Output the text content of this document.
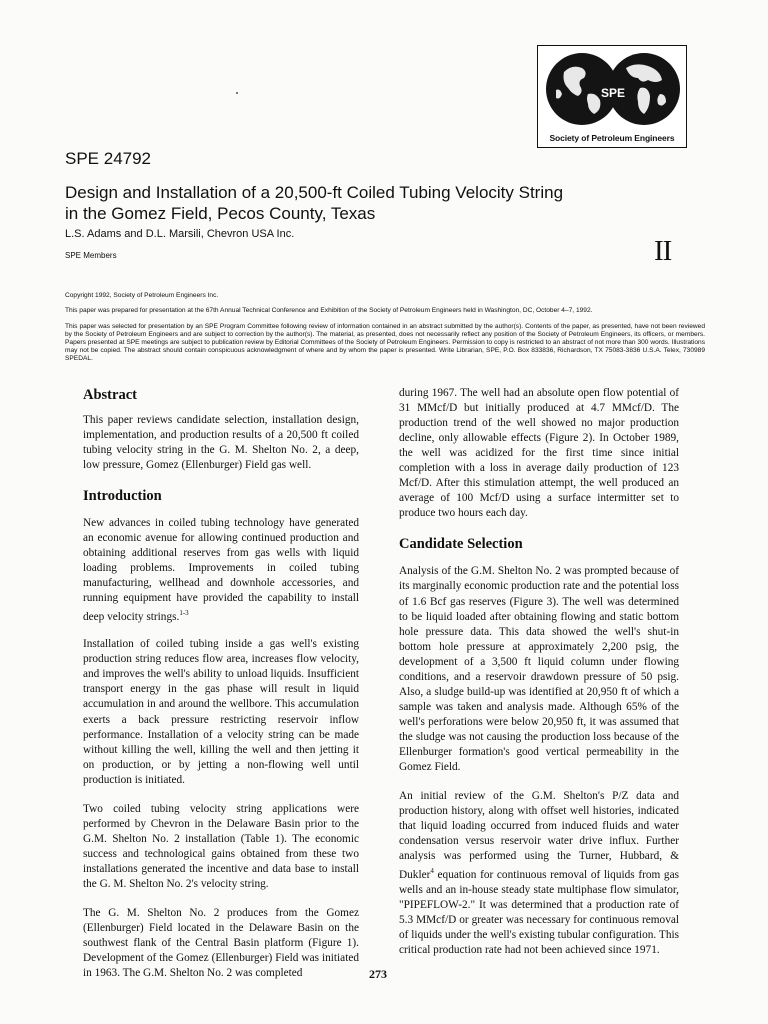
SPE
Society of Petroleum Engineers
SPE 24792
Design and Installation of a 20,500-ft Coiled Tubing Velocity String
in the Gomez Field, Pecos County, Texas
L.S. Adams and D.L. Marsili, Chevron USA Inc.
SPE Members	II
Copyright 1992, Society of Petroleum Engineers Inc.
This paper was prepared for presentation at the 67th Annual Technical Conference and Exhibition of the Society of Petroleum Engineers held in Washington, DC, October 4–7, 1992.
This paper was selected for presentation by an SPE Program Committee following review of information contained in an abstract submitted by the author(s). Contents of the paper, as presented, have not been reviewed by the Society of Petroleum Engineers and are subject to correction by the author(s). The material, as presented, does not necessarily reflect any position of the Society of Petroleum Engineers, its officers, or members. Papers presented at SPE meetings are subject to publication review by Editorial Committees of the Society of Petroleum Engineers. Permission to copy is restricted to an abstract of not more than 300 words. Illustrations may not be copied. The abstract should contain conspicuous acknowledgment of where and by whom the paper is presented. Write Librarian, SPE, P.O. Box 833836, Richardson, TX 75083-3836 U.S.A. Telex, 730989 SPEDAL.
Abstract

This paper reviews candidate selection, installation design, implementation, and production results of a 20,500 ft coiled tubing velocity string in the G. M. Shelton No. 2, a deep, low pressure, Gomez (Ellenburger) Field gas well.

Introduction

New advances in coiled tubing technology have generated an economic avenue for allowing continued production and obtaining additional reserves from gas wells with liquid loading problems. Improvements in coiled tubing manufacturing, wellhead and downhole accessories, and running equipment have provided the capability to install deep velocity strings.$^{1-3}$

Installation of coiled tubing inside a gas well's existing production string reduces flow area, increases flow velocity, and improves the well's ability to unload liquids. Insufficient transport energy in the gas phase will result in liquid accumulation in and around the wellbore. This accumulation exerts a back pressure restricting reservoir inflow performance. Installation of a velocity string can be made without killing the well, killing the well and then jetting it on production, or by jetting a non-flowing well until production is initiated.

Two coiled tubing velocity string applications were performed by Chevron in the Delaware Basin prior to the G.M. Shelton No. 2 installation (Table 1). The economic success and technological gains obtained from these two installations generated the incentive and data base to install the G. M. Shelton No. 2's velocity string.

The G. M. Shelton No. 2 produces from the Gomez (Ellenburger) Field located in the Delaware Basin on the southwest flank of the Central Basin platform (Figure 1). Development of the Gomez (Ellenburger) Field was initiated in 1963. The G.M. Shelton No. 2 was completed

during 1967. The well had an absolute open flow potential of 31 MMcf/D but initially produced at 4.7 MMcf/D. The production trend of the well showed no major production decline, only allowable effects (Figure 2). In October 1989, the well was acidized for the first time since initial completion with a loss in average daily production of 123 Mcf/D. After this stimulation attempt, the well produced an average of 100 Mcf/D using a surface intermitter set to produce two hours each day.

Candidate Selection

Analysis of the G.M. Shelton No. 2 was prompted because of its marginally economic production rate and the potential loss of 1.6 Bcf gas reserves (Figure 3). The well was determined to be liquid loaded after obtaining flowing and static bottom hole pressure data. This data showed the well's shut-in bottom hole pressure at approximately 2,200 psig, the development of a 3,500 ft liquid column under flowing conditions, and a reservoir drawdown pressure of 50 psig. Also, a sludge build-up was identified at 20,950 ft of which a sample was taken and analysis made. Although 65% of the well's perforations were below 20,950 ft, it was assumed that the sludge was not causing the production loss because of the Ellenburger formation's good vertical permeability in the Gomez Field.

An initial review of the G.M. Shelton's P/Z data and production history, along with offset well histories, indicated that liquid loading occurred from induced fluids and water condensation versus reservoir water drive influx. Further analysis was performed using the Turner, Hubbard, & Dukler$^4$ equation for continuous removal of liquids from gas wells and an in-house steady state multiphase flow simulator, "PIPEFLOW-2." It was determined that a production rate of 5.3 MMcf/D or greater was necessary for continuous removal of liquids under the well's existing tubular configuration. This critical production rate had not been achieved since 1971.

273
